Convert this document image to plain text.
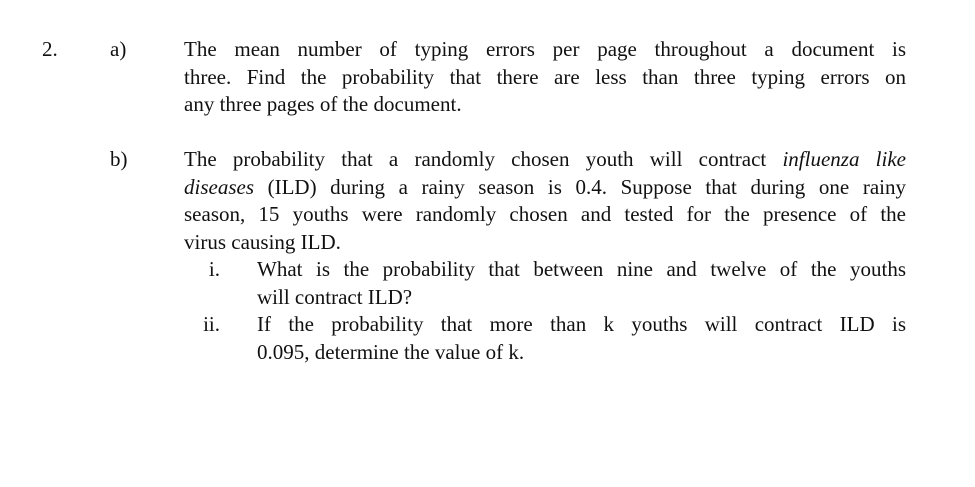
2. a)	The mean number of typing errors per page throughout a document is
three. Find the probability that there are less than three typing errors on
any three pages of the document.
b)	The probability that a randomly chosen youth will contract influenza like
diseases (ILD) during a rainy season is 0.4. Suppose that during one rainy
season, 15 youths were randomly chosen and tested for the presence of the
virus causing ILD.
i. What is the probability that between nine and twelve of the youths
will contract ILD?
ii. If the probability that more than k youths will contract ILD is
0.095, determine the value of k.
